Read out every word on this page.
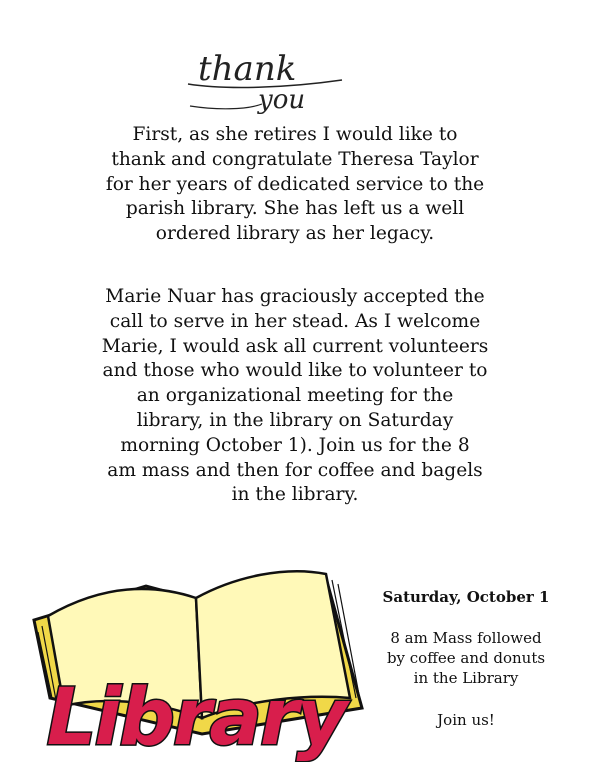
thank
you

First, as she retires I would like to
thank and congratulate Theresa Taylor
for her years of dedicated service to the
parish library. She has left us a well
ordered library as her legacy.

Marie Nuar has graciously accepted the
call to serve in her stead. As I welcome
Marie, I would ask all current volunteers
and those who would like to volunteer to
an organizational meeting for the
library, in the library on Saturday
morning October 1). Join us for the 8
am mass and then for coffee and bagels
in the library.

Library

Saturday, October 1

8 am Mass followed
by coffee and donuts
in the Library

Join us!
